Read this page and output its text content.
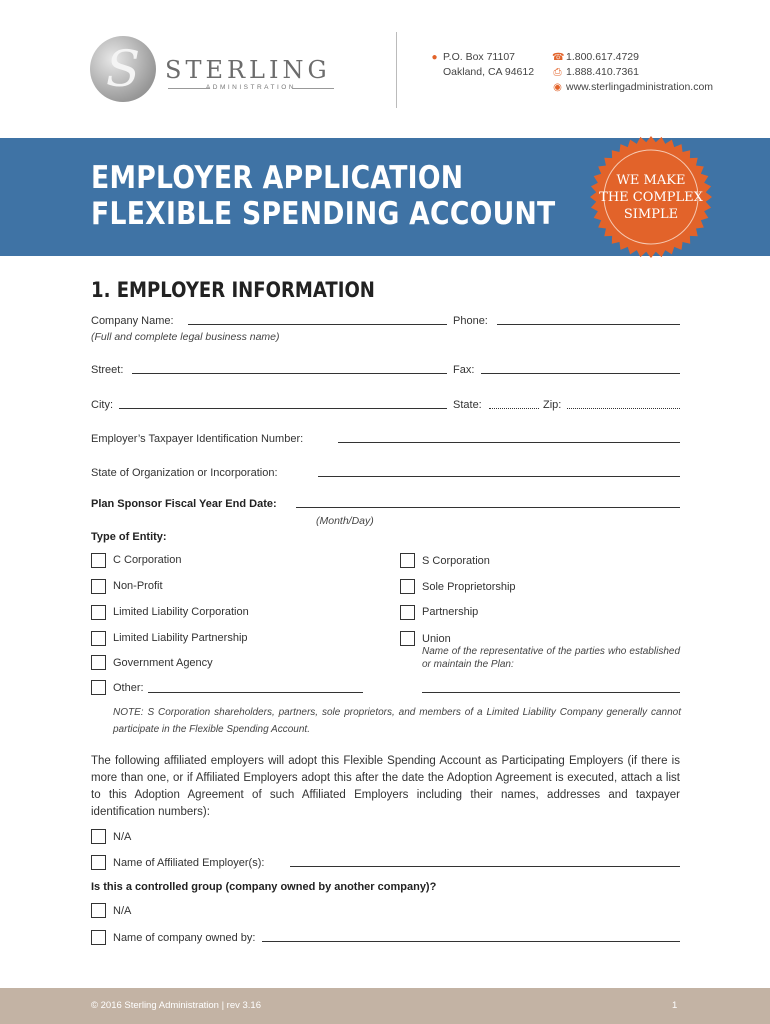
S	STERLING
ADMINISTRATION
● P.O. Box 71107
Oakland, CA 94612
☎ 1.800.617.4729
⎙ 1.888.410.7361
◉ www.sterlingadministration.com
EMPLOYER APPLICATION
FLEXIBLE SPENDING ACCOUNT
WE MAKE
THE COMPLEX
SIMPLE
1. EMPLOYER INFORMATION
Company Name:
(Full and complete legal business name)
Phone:
Street:	Fax:
City:	State:	Zip:
Employer’s Taxpayer Identification Number:
State of Organization or Incorporation:
Plan Sponsor Fiscal Year End Date:
(Month/Day)
Type of Entity:
C Corporation
Non-Profit
Limited Liability Corporation
Limited Liability Partnership
Government Agency
Other:
S Corporation
Sole Proprietorship
Partnership
Union
Name of the representative of the parties who established or maintain the Plan:
NOTE: S Corporation shareholders, partners, sole proprietors, and members of a Limited Liability Company generally cannot participate in the Flexible Spending Account.
The following affiliated employers will adopt this Flexible Spending Account as Participating Employers (if there is more than one, or if Affiliated Employers adopt this after the date the Adoption Agreement is executed, attach a list to this Adoption Agreement of such Affiliated Employers including their names, addresses and taxpayer identification numbers):
N/A
Name of Affiliated Employer(s):
Is this a controlled group (company owned by another company)?
N/A
Name of company owned by:
© 2016 Sterling Administration | rev 3.16	1
